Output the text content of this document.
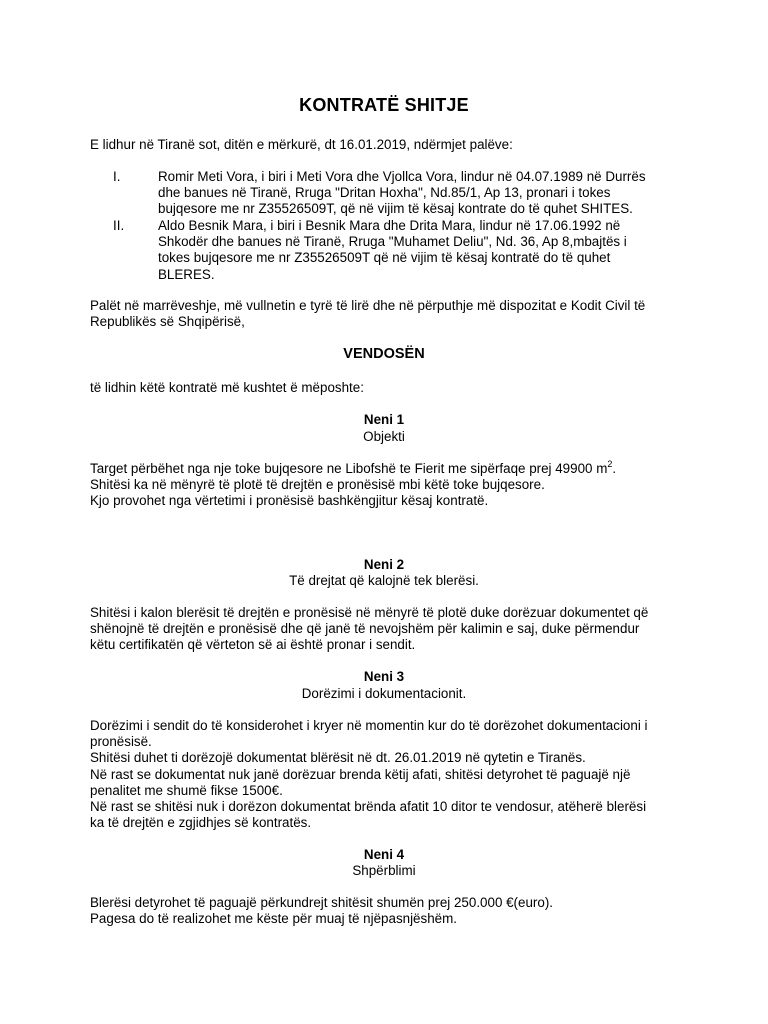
KONTRATË SHITJE
E lidhur në Tiranë sot, ditën e mërkurë, dt 16.01.2019, ndërmjet palëve:
I.	Romir Meti Vora, i biri i Meti Vora dhe Vjollca Vora, lindur në 04.07.1989 në Durrës

dhe banues në Tiranë, Rruga "Dritan Hoxha", Nd.85/1, Ap 13, pronari i tokes

bujqesore me nr Z35526509T, që në vijim të kësaj kontrate do të quhet SHITES.

II.	Aldo Besnik Mara, i biri i Besnik Mara dhe Drita Mara, lindur në 17.06.1992 në

Shkodër dhe banues në Tiranë, Rruga "Muhamet Deliu", Nd. 36, Ap 8,mbajtës i

tokes bujqesore me nr Z35526509T që në vijim të kësaj kontratë do të quhet

BLERES.

Palët në marrëveshje, më vullnetin e tyrë të lirë dhe në përputhje më dispozitat e Kodit Civil të

Republikës së Shqipërisë,

VENDOSËN
të lidhin këtë kontratë më kushtet ë mëposhte:
Neni 1
Objekti

Target përbëhet nga nje toke bujqesore ne Libofshë te Fierit me sipërfaqe prej 49900 $m^2$.

Shitësi ka në mënyrë të plotë të drejtën e pronësisë mbi këtë toke bujqesore.

Kjo provohet nga vërtetimi i pronësisë bashkëngjitur kësaj kontratë.

Neni 2
Të drejtat që kalojnë tek blerësi.

Shitësi i kalon blerësit të drejtën e pronësisë në mënyrë të plotë duke dorëzuar dokumentet që

shënojnë të drejtën e pronësisë dhe që janë të nevojshëm për kalimin e saj, duke përmendur

këtu certifikatën që vërteton së ai është pronar i sendit.

Neni 3
Dorëzimi i dokumentacionit.

Dorëzimi i sendit do të konsiderohet i kryer në momentin kur do të dorëzohet dokumentacioni i

pronësisë.

Shitësi duhet ti dorëzojë dokumentat blërësit në dt. 26.01.2019 në qytetin e Tiranës.

Në rast se dokumentat nuk janë dorëzuar brenda këtij afati, shitësi detyrohet të paguajë një

penalitet me shumë fikse 1500€.

Në rast se shitësi nuk i dorëzon dokumentat brënda afatit 10 ditor te vendosur, atëherë blerësi

ka të drejtën e zgjidhjes së kontratës.

Neni 4
Shpërblimi

Blerësi detyrohet të paguajë përkundrejt shitësit shumën prej 250.000 €(euro).

Pagesa do të realizohet me këste për muaj të njëpasnjëshëm.
